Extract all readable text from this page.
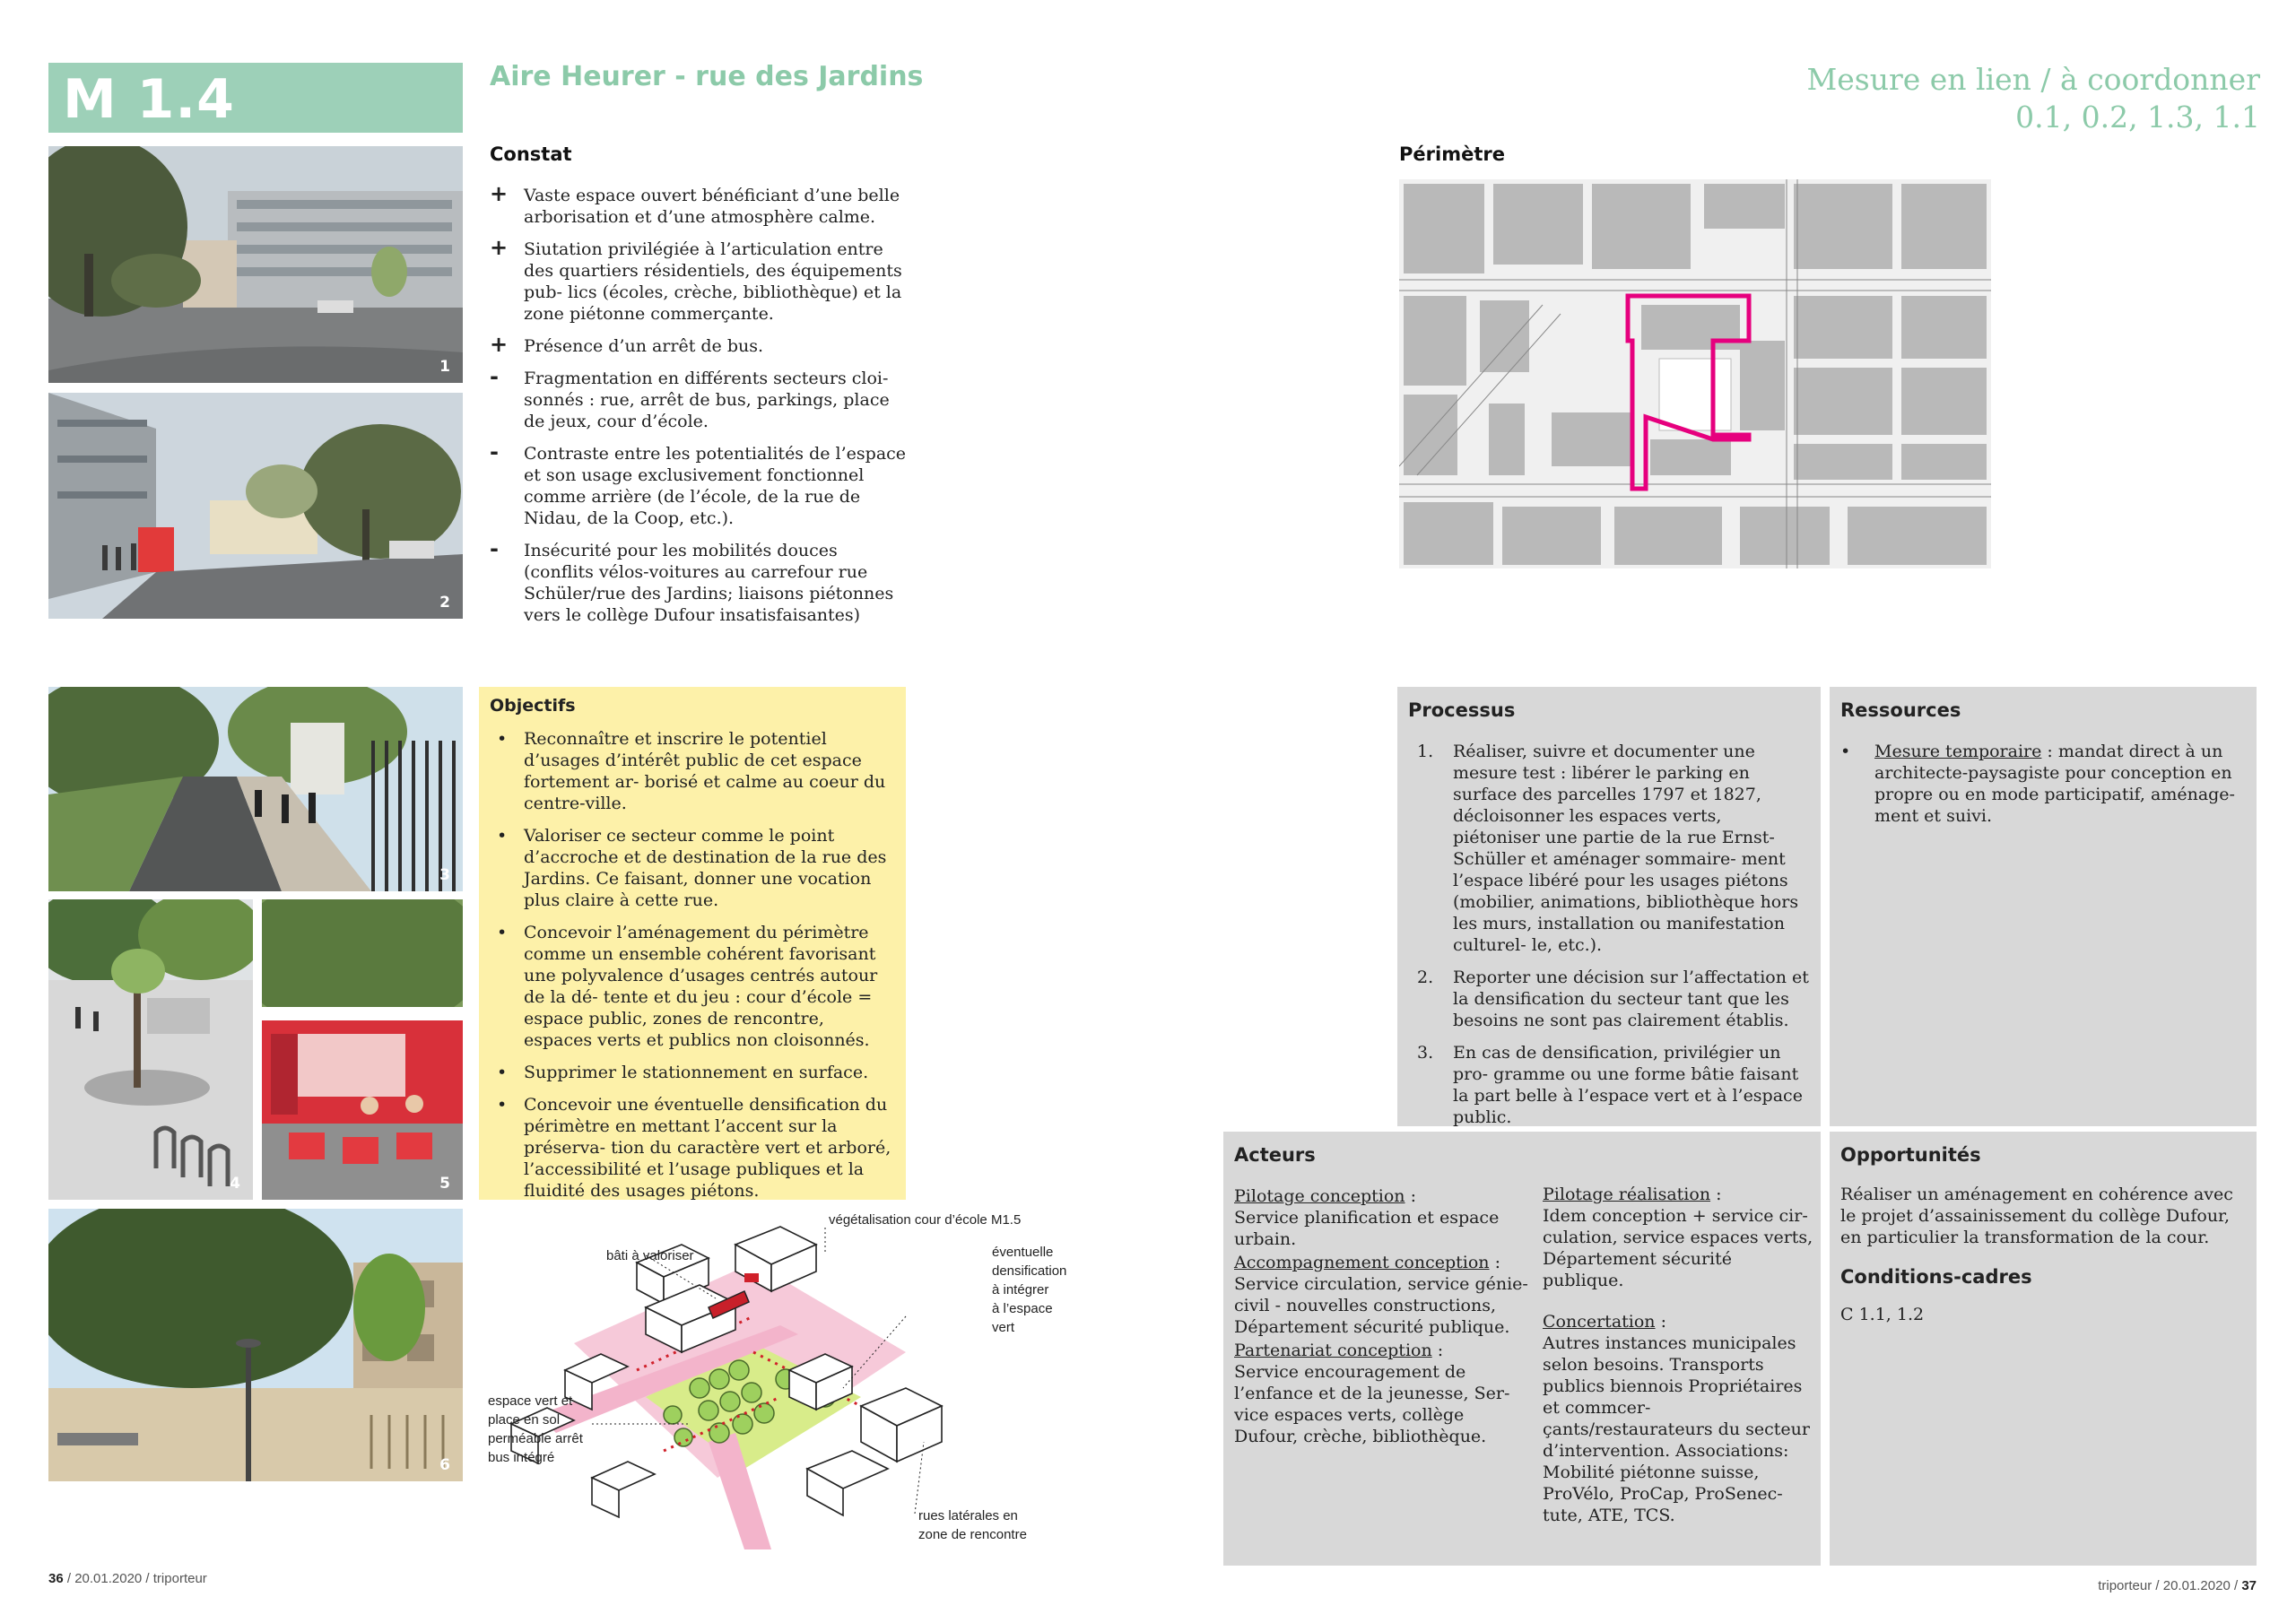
M 1.4	Aire Heurer - rue des Jardins	Mesure en lien / à coordonner
0.1, 0.2, 1.3, 1.1
1
2
3
4	5
6
Constat
+ Vaste espace ouvert bénéficiant d’une belle arborisation et d’une atmosphère calme.
+ Siutation privilégiée à l’articulation entre des quartiers résidentiels, des équipements pub- lics (écoles, crèche, bibliothèque) et la zone piétonne commerçante.
+ Présence d’un arrêt de bus.
- Fragmentation en différents secteurs cloi- sonnés : rue, arrêt de bus, parkings, place de jeux, cour d’école.
- Contraste entre les potentialités de l’espace et son usage exclusivement fonctionnel comme arrière (de l’école, de la rue de Nidau, de la Coop, etc.).
- Insécurité pour les mobilités douces (conflits vélos-voitures au carrefour rue Schüler/rue des Jardins; liaisons piétonnes vers le collège Dufour insatisfaisantes)
Objectifs
• Reconnaître et inscrire le potentiel d’usages d’intérêt public de cet espace fortement ar- borisé et calme au coeur du centre-ville.
• Valoriser ce secteur comme le point d’accroche et de destination de la rue des Jardins. Ce faisant, donner une vocation plus claire à cette rue.
• Concevoir l’aménagement du périmètre comme un ensemble cohérent favorisant une polyvalence d’usages centrés autour de la dé- tente et du jeu : cour d’école = espace public, zones de rencontre, espaces verts et publics non cloisonnés.
• Supprimer le stationnement en surface.
• Concevoir une éventuelle densification du périmètre en mettant l’accent sur la préserva- tion du caractère vert et arboré, l’accessibilité et l’usage publiques et la fluidité des usages piétons.
végétalisation cour d’école M1.5
bâti à valoriser	éventuelle densification à intégrer à l’espace vert
espace vert et place en sol perméable arrêt bus intégré
rues latérales en zone de rencontre
Périmètre
Processus
1. Réaliser, suivre et documenter une mesure test : libérer le parking en surface des parcelles 1797 et 1827, décloisonner les espaces verts, piétoniser une partie de la rue Ernst-Schüller et aménager sommaire- ment l’espace libéré pour les usages piétons (mobilier, animations, bibliothèque hors les murs, installation ou manifestation culturel- le, etc.).
2. Reporter une décision sur l’affectation et la densification du secteur tant que les besoins ne sont pas clairement établis.
3. En cas de densification, privilégier un pro- gramme ou une forme bâtie faisant la part belle à l’espace vert et à l’espace public.
Ressources
• Mesure temporaire : mandat direct à un architecte-paysagiste pour conception en propre ou en mode participatif, aménage- ment et suivi.
Acteurs
Pilotage conception :
Service planification et espace urbain.
Accompagnement conception :
Service circulation, service génie- civil - nouvelles constructions, Département sécurité publique.
Partenariat conception :
Service encouragement de l’enfance et de la jeunesse, Ser- vice espaces verts, collège Dufour, crèche, bibliothèque.
Pilotage réalisation :
Idem conception + service cir- culation, service espaces verts, Département sécurité publique.
Concertation :
Autres instances municipales selon besoins. Transports publics biennois Propriétaires et commcer- çants/restaurateurs du secteur d’intervention. Associations: Mobilité piétonne suisse, ProVélo, ProCap, ProSenec- tute, ATE, TCS.
Opportunités
Réaliser un aménagement en cohérence avec le projet d’assainissement du collège Dufour, en particulier la transformation de la cour.
Conditions-cadres
C 1.1, 1.2
36 / 20.01.2020 / triporteur	triporteur / 20.01.2020 / 37
